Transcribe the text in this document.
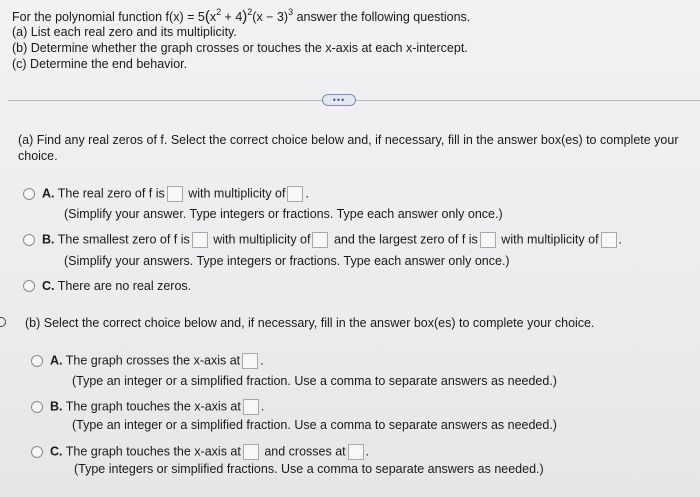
For the polynomial function $f(x) = 5(x^2 + 4)^2(x - 3)^3$ answer the following questions.
(a) List each real zero and its multiplicity.
(b) Determine whether the graph crosses or touches the x-axis at each x-intercept.
(c) Determine the end behavior.
•••
(a) Find any real zeros of f. Select the correct choice below and, if necessary, fill in the answer box(es) to complete your
choice.
A. The real zero of f is with multiplicity of .
(Simplify your answer. Type integers or fractions. Type each answer only once.)
B. The smallest zero of f is with multiplicity of and the largest zero of f is with multiplicity of .
(Simplify your answers. Type integers or fractions. Type each answer only once.)
C. There are no real zeros.
(b) Select the correct choice below and, if necessary, fill in the answer box(es) to complete your choice.
A. The graph crosses the x-axis at .
(Type an integer or a simplified fraction. Use a comma to separate answers as needed.)
B. The graph touches the x-axis at .
(Type an integer or a simplified fraction. Use a comma to separate answers as needed.)
C. The graph touches the x-axis at and crosses at .
(Type integers or simplified fractions. Use a comma to separate answers as needed.)
